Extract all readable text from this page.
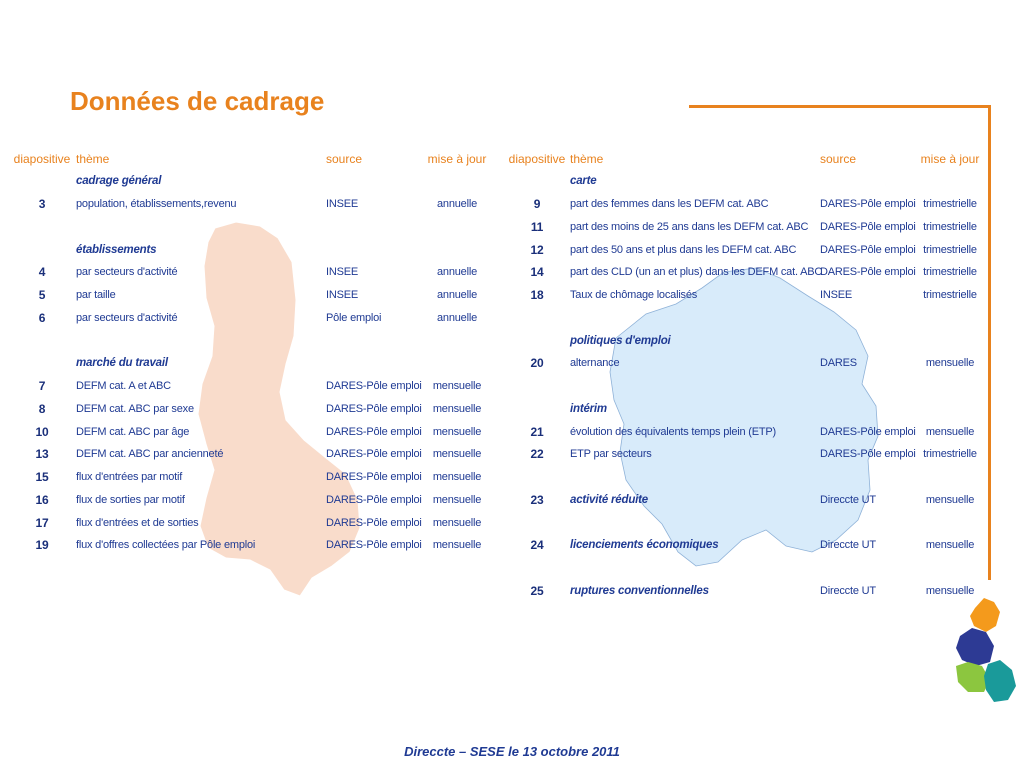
Données de cadrage
diapositive	thème	source	mise à jour
	cadrage général		
3	population, établissements,revenu	INSEE	annuelle

	établissements		
4	par secteurs d'activité	INSEE	annuelle
5	par taille	INSEE	annuelle
6	par secteurs d'activité	Pôle emploi	annuelle

	marché du travail		
7	DEFM cat. A et ABC	DARES-Pôle emploi	mensuelle
8	DEFM cat. ABC par sexe	DARES-Pôle emploi	mensuelle
10	DEFM cat. ABC par âge	DARES-Pôle emploi	mensuelle
13	DEFM cat. ABC par ancienneté	DARES-Pôle emploi	mensuelle
15	flux d'entrées par motif	DARES-Pôle emploi	mensuelle
16	flux de sorties par motif	DARES-Pôle emploi	mensuelle
17	flux d'entrées et de sorties	DARES-Pôle emploi	mensuelle
19	flux d'offres collectées par Pôle emploi	DARES-Pôle emploi	mensuelle
diapositive	thème	source	mise à jour
	carte		
9	part des femmes dans les DEFM cat. ABC	DARES-Pôle emploi	trimestrielle
11	part des moins de 25 ans dans les DEFM cat. ABC	DARES-Pôle emploi	trimestrielle
12	part des 50 ans et plus dans les DEFM cat. ABC	DARES-Pôle emploi	trimestrielle
14	part des CLD (un an et plus) dans les DEFM cat. ABC	DARES-Pôle emploi	trimestrielle
18	Taux de chômage localisés	INSEE	trimestrielle

	politiques d'emploi		
20	alternance	DARES	mensuelle

	intérim		
21	évolution des équivalents temps plein (ETP)	DARES-Pôle emploi	mensuelle
22	ETP par secteurs	DARES-Pôle emploi	trimestrielle

23	activité réduite	Direccte UT	mensuelle

24	licenciements économiques	Direccte UT	mensuelle

25	ruptures conventionnelles	Direccte UT	mensuelle
Direccte – SESE le 13 octobre 2011
